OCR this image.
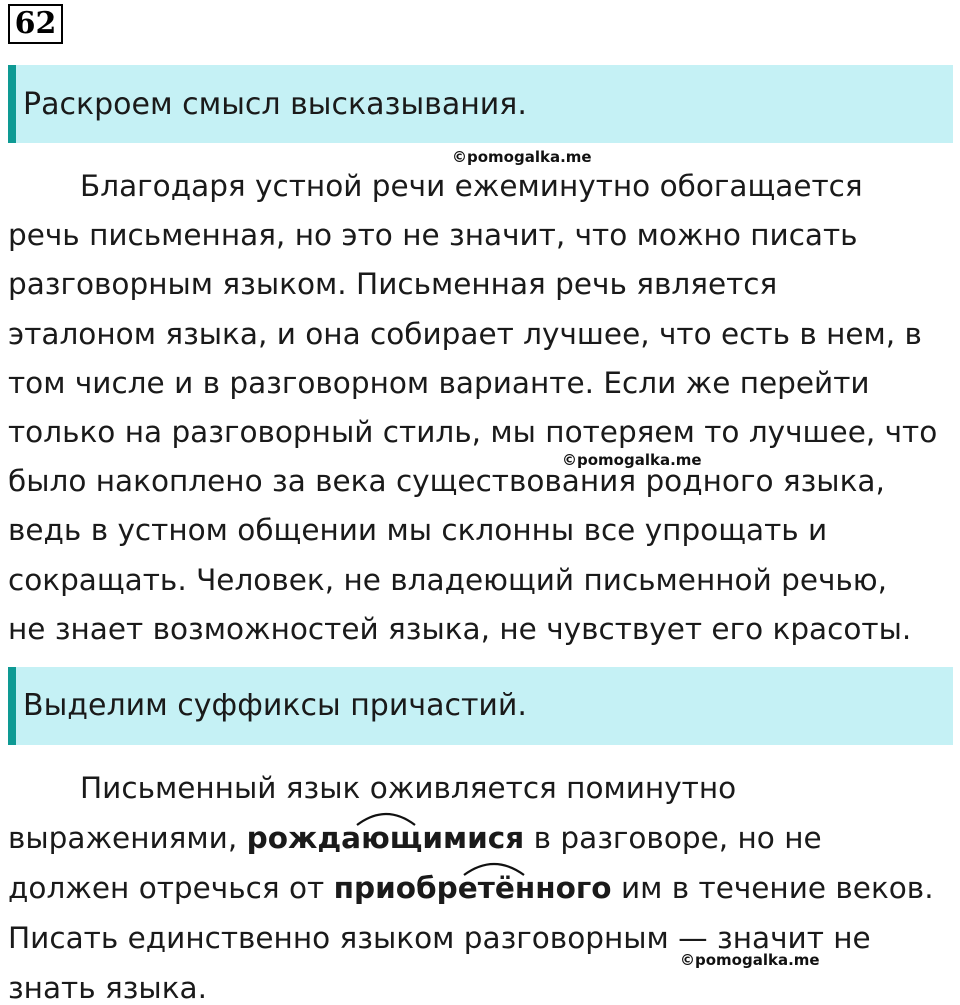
62
Раскроем смысл высказывания.
©pomogalka.me
Благодаря устной речи ежеминутно обогащается
речь письменная, но это не значит, что можно писать
разговорным языком. Письменная речь является
эталоном языка, и она собирает лучшее, что есть в нем, в
том числе и в разговорном варианте. Если же перейти
только на разговорный стиль, мы потеряем то лучшее, что
было накоплено за века существования родного языка,
ведь в устном общении мы склонны все упрощать и
сокращать. Человек, не владеющий письменной речью,
не знает возможностей языка, не чувствует его красоты.
©pomogalka.me
Выделим суффиксы причастий.
Письменный язык оживляется поминутно
выражениями,
рождающимися в разговоре, но не
должен отречься от
приобретённого им в течение веков.
Писать единственно языком разговорным — значит не
знать языка.
©pomogalka.me
